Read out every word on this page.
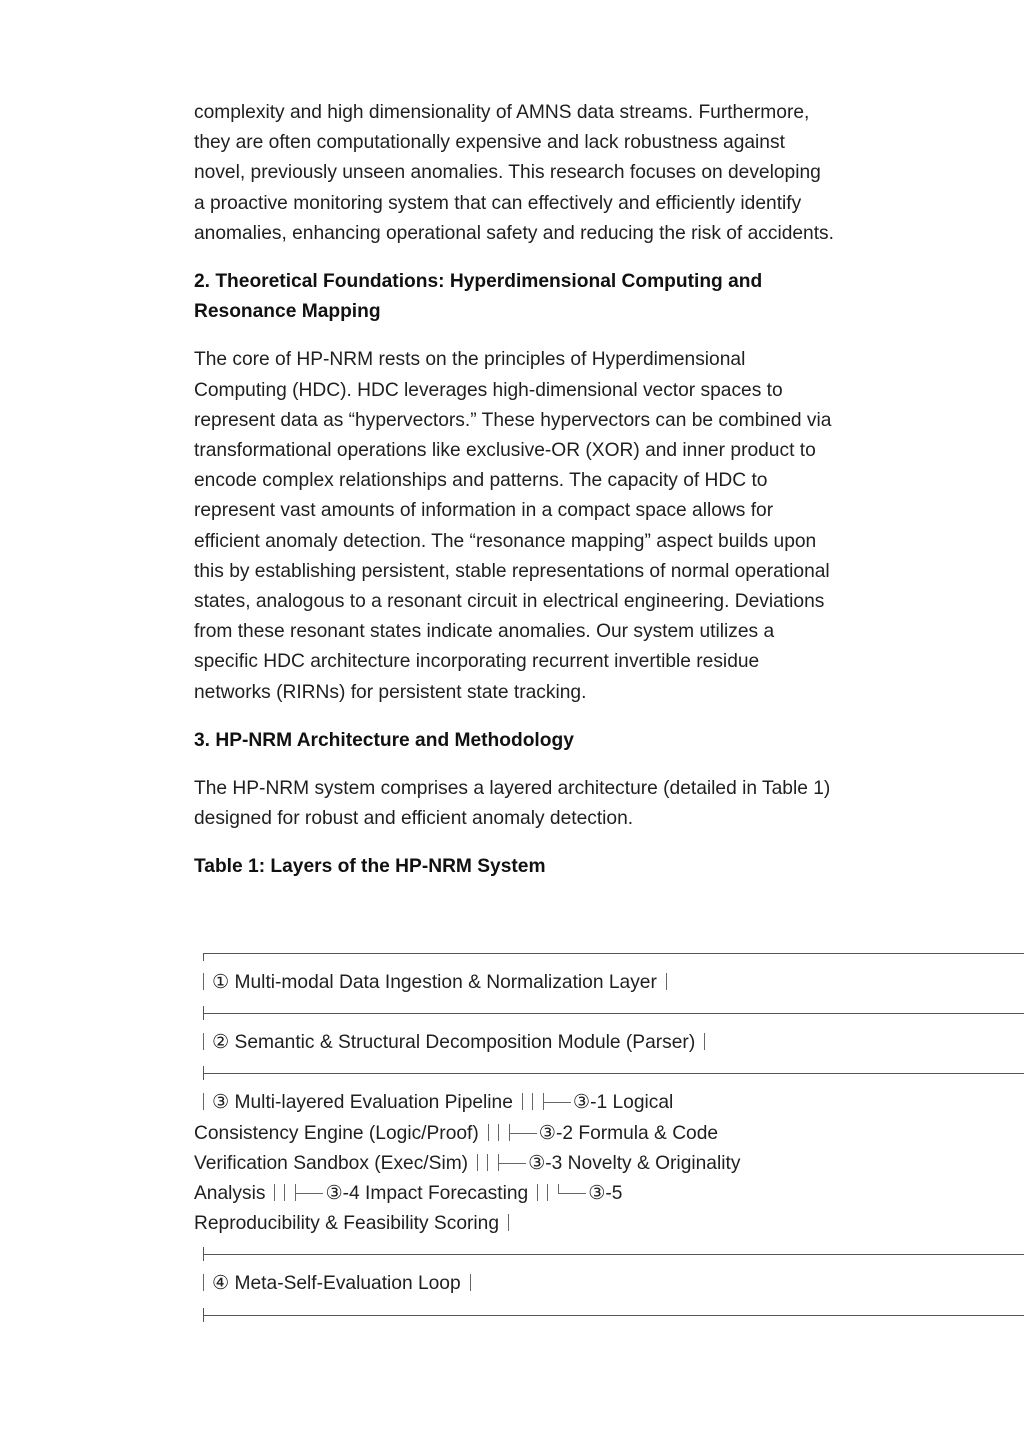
complexity and high dimensionality of AMNS data streams. Furthermore, they are often computationally expensive and lack robustness against novel, previously unseen anomalies. This research focuses on developing a proactive monitoring system that can effectively and efficiently identify anomalies, enhancing operational safety and reducing the risk of accidents.

2. Theoretical Foundations: Hyperdimensional Computing and Resonance Mapping

The core of HP-NRM rests on the principles of Hyperdimensional Computing (HDC). HDC leverages high-dimensional vector spaces to represent data as “hypervectors.” These hypervectors can be combined via transformational operations like exclusive-OR (XOR) and inner product to encode complex relationships and patterns. The capacity of HDC to represent vast amounts of information in a compact space allows for efficient anomaly detection. The “resonance mapping” aspect builds upon this by establishing persistent, stable representations of normal operational states, analogous to a resonant circuit in electrical engineering. Deviations from these resonant states indicate anomalies. Our system utilizes a specific HDC architecture incorporating recurrent invertible residue networks (RIRNs) for persistent state tracking.

3. HP-NRM Architecture and Methodology

The HP-NRM system comprises a layered architecture (detailed in Table 1) designed for robust and efficient anomaly detection.

Table 1: Layers of the HP-NRM System
① Multi-modal Data Ingestion & Normalization Layer
② Semantic & Structural Decomposition Module (Parser)
③ Multi-layered Evaluation Pipeline	③-1 Logical
Consistency Engine (Logic/Proof)	③-2 Formula & Code
Verification Sandbox (Exec/Sim)	③-3 Novelty & Originality
Analysis	③-4 Impact Forecasting	③-5
Reproducibility & Feasibility Scoring
④ Meta-Self-Evaluation Loop
